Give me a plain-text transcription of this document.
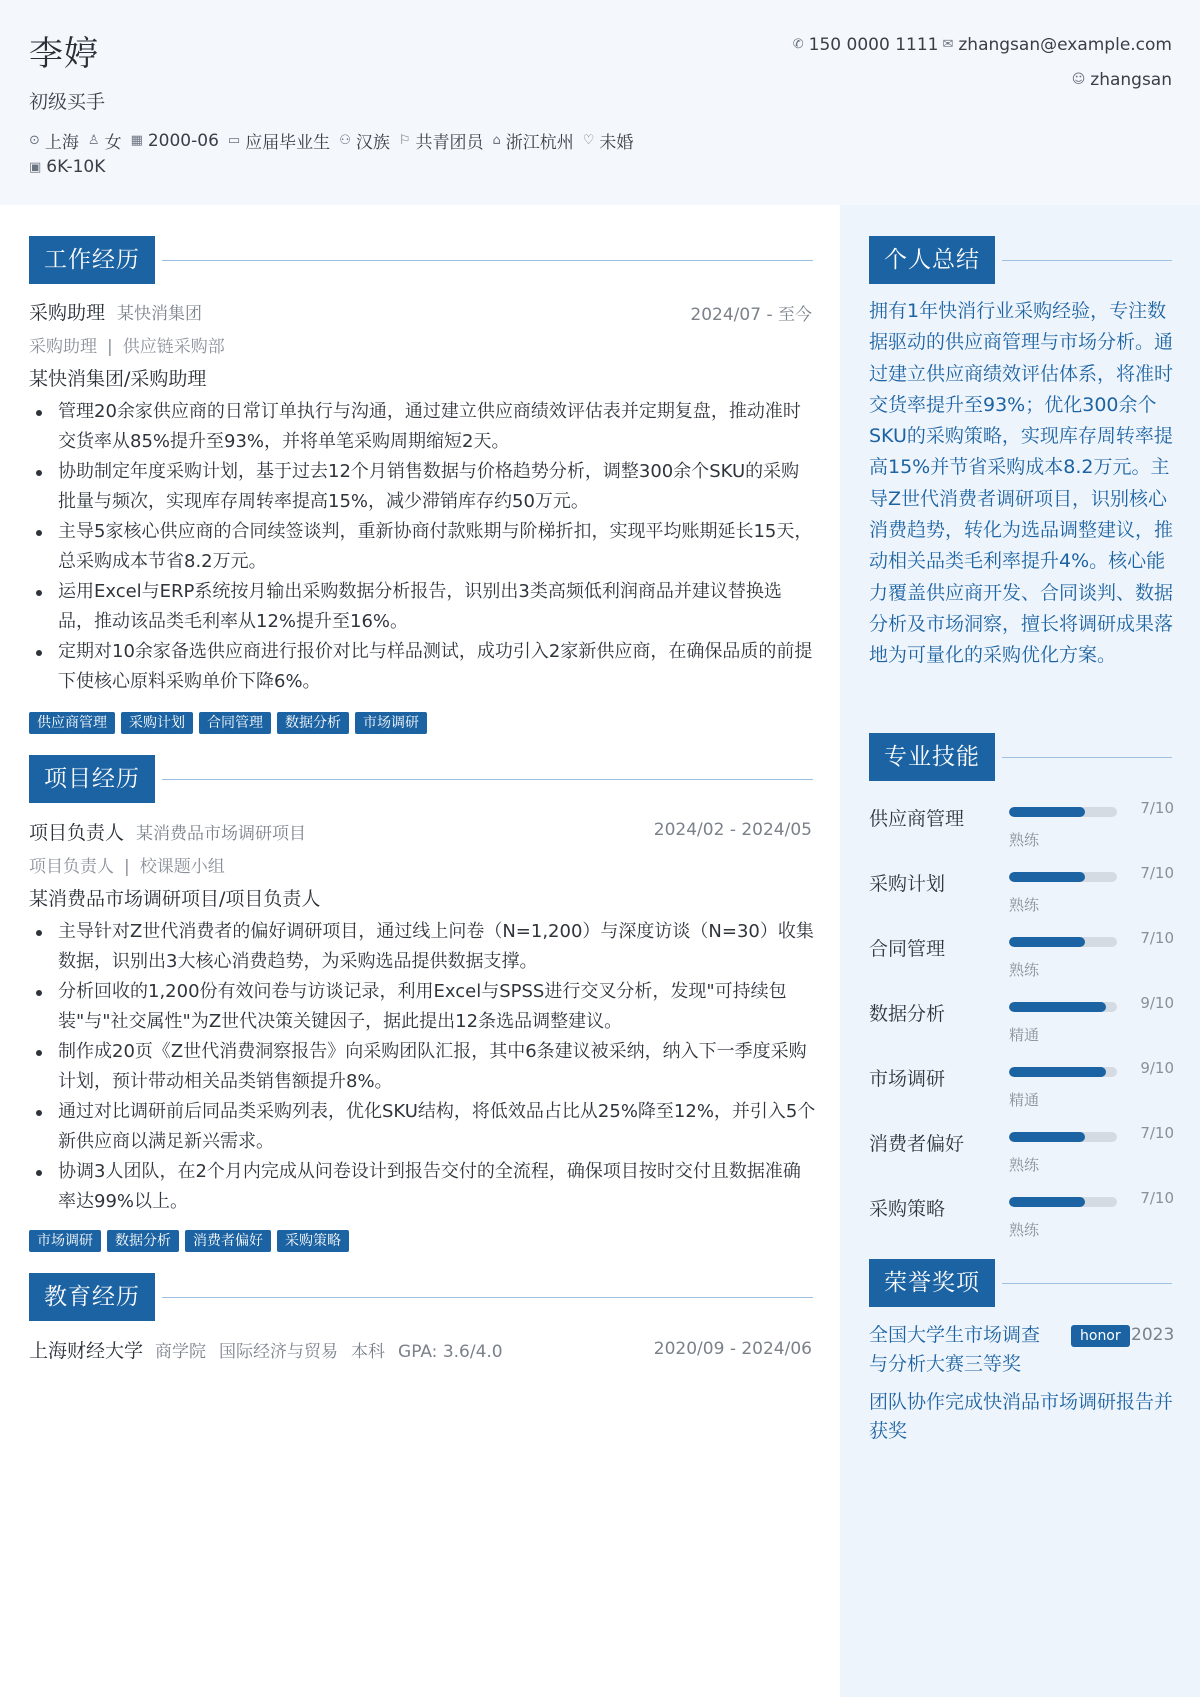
李婷
初级买手
⊙ 上海 ♙ 女 ▦ 2000-06 ▭ 应届毕业生 ⚇ 汉族 ⚐ 共青团员 ⌂ 浙江杭州 ♡ 未婚
▣ 6K-10K
✆ 150 0000 1111 ✉ zhangsan@example.com
☺ zhangsan
工作经历
采购助理 某快消集团	2024/07 - 至今
采购助理 | 供应链采购部
某快消集团/采购助理
管理20余家供应商的日常订单执行与沟通，通过建立供应商绩效评估表并定期复盘，推动准时交货率从85%提升至93%，并将单笔采购周期缩短2天。
协助制定年度采购计划，基于过去12个月销售数据与价格趋势分析，调整300余个SKU的采购批量与频次，实现库存周转率提高15%，减少滞销库存约50万元。
主导5家核心供应商的合同续签谈判，重新协商付款账期与阶梯折扣，实现平均账期延长15天，总采购成本节省8.2万元。
运用Excel与ERP系统按月输出采购数据分析报告，识别出3类高频低利润商品并建议替换选品，推动该品类毛利率从12%提升至16%。
定期对10余家备选供应商进行报价对比与样品测试，成功引入2家新供应商，在确保品质的前提下使核心原料采购单价下降6%。
供应商管理	采购计划	合同管理	数据分析	市场调研
项目经历
项目负责人 某消费品市场调研项目	2024/02 - 2024/05
项目负责人 | 校课题小组
某消费品市场调研项目/项目负责人
主导针对Z世代消费者的偏好调研项目，通过线上问卷（N=1,200）与深度访谈（N=30）收集数据，识别出3大核心消费趋势，为采购选品提供数据支撑。
分析回收的1,200份有效问卷与访谈记录，利用Excel与SPSS进行交叉分析，发现"可持续包装"与"社交属性"为Z世代决策关键因子，据此提出12条选品调整建议。
制作成20页《Z世代消费洞察报告》向采购团队汇报，其中6条建议被采纳，纳入下一季度采购计划，预计带动相关品类销售额提升8%。
通过对比调研前后同品类采购列表，优化SKU结构，将低效品占比从25%降至12%，并引入5个新供应商以满足新兴需求。
协调3人团队，在2个月内完成从问卷设计到报告交付的全流程，确保项目按时交付且数据准确率达99%以上。
市场调研	数据分析	消费者偏好	采购策略
教育经历
上海财经大学 商学院 国际经济与贸易 本科 GPA: 3.6/4.0	2020/09 - 2024/06
个人总结
拥有1年快消行业采购经验，专注数据驱动的供应商管理与市场分析。通过建立供应商绩效评估体系，将准时交货率提升至93%；优化300余个SKU的采购策略，实现库存周转率提高15%并节省采购成本8.2万元。主导Z世代消费者调研项目，识别核心消费趋势，转化为选品调整建议，推动相关品类毛利率提升4%。核心能力覆盖供应商开发、合同谈判、数据分析及市场洞察，擅长将调研成果落地为可量化的采购优化方案。
专业技能
供应商管理
熟练
7/10
采购计划
熟练
7/10
合同管理
熟练
7/10
数据分析
精通
9/10
市场调研
精通
9/10
消费者偏好
熟练
7/10
采购策略
熟练
7/10
荣誉奖项
全国大学生市场调查与分析大赛三等奖
honor 2023
团队协作完成快消品市场调研报告并获奖
